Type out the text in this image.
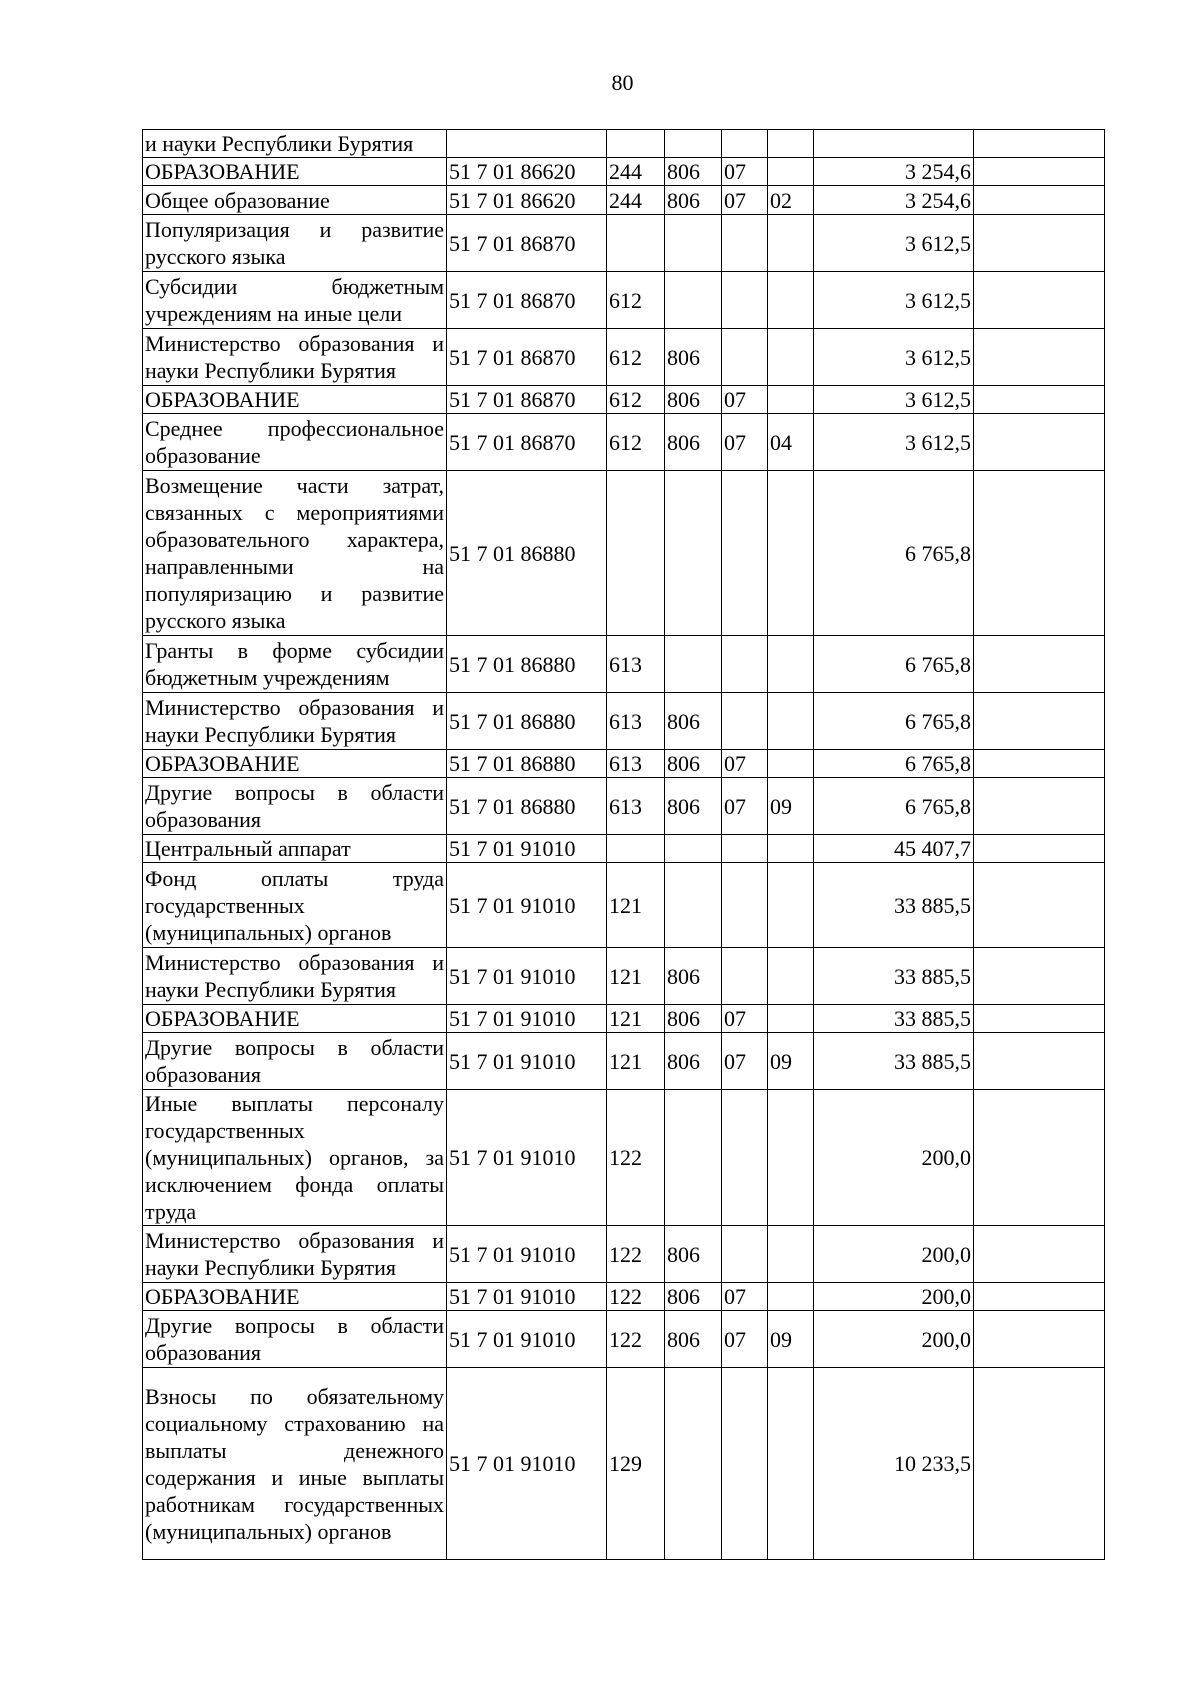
80
и науки Республики Бурятия							
ОБРАЗОВАНИЕ	51 7 01 86620	244	806	07		3 254,6	
Общее образование	51 7 01 86620	244	806	07	02	3 254,6	
Популяризация и развитие русского языка	51 7 01 86870					3 612,5	
Субсидии бюджетным учреждениям на иные цели	51 7 01 86870	612				3 612,5	
Министерство образования и науки Республики Бурятия	51 7 01 86870	612	806			3 612,5	
ОБРАЗОВАНИЕ	51 7 01 86870	612	806	07		3 612,5	
Среднее профессиональное образование	51 7 01 86870	612	806	07	04	3 612,5	
Возмещение части затрат, связанных с мероприятиями образовательного характера, направленными на популяризацию и развитие русского языка	51 7 01 86880					6 765,8	
Гранты в форме субсидии бюджетным учреждениям	51 7 01 86880	613				6 765,8	
Министерство образования и науки Республики Бурятия	51 7 01 86880	613	806			6 765,8	
ОБРАЗОВАНИЕ	51 7 01 86880	613	806	07		6 765,8	
Другие вопросы в области образования	51 7 01 86880	613	806	07	09	6 765,8	
Центральный аппарат	51 7 01 91010					45 407,7	
Фонд оплаты труда государственных (муниципальных) органов	51 7 01 91010	121				33 885,5	
Министерство образования и науки Республики Бурятия	51 7 01 91010	121	806			33 885,5	
ОБРАЗОВАНИЕ	51 7 01 91010	121	806	07		33 885,5	
Другие вопросы в области образования	51 7 01 91010	121	806	07	09	33 885,5	
Иные выплаты персоналу государственных (муниципальных) органов, за исключением фонда оплаты труда	51 7 01 91010	122				200,0	
Министерство образования и науки Республики Бурятия	51 7 01 91010	122	806			200,0	
ОБРАЗОВАНИЕ	51 7 01 91010	122	806	07		200,0	
Другие вопросы в области образования	51 7 01 91010	122	806	07	09	200,0	
Взносы по обязательному социальному страхованию на выплаты денежного содержания и иные выплаты работникам государственных (муниципальных) органов	51 7 01 91010	129				10 233,5	
